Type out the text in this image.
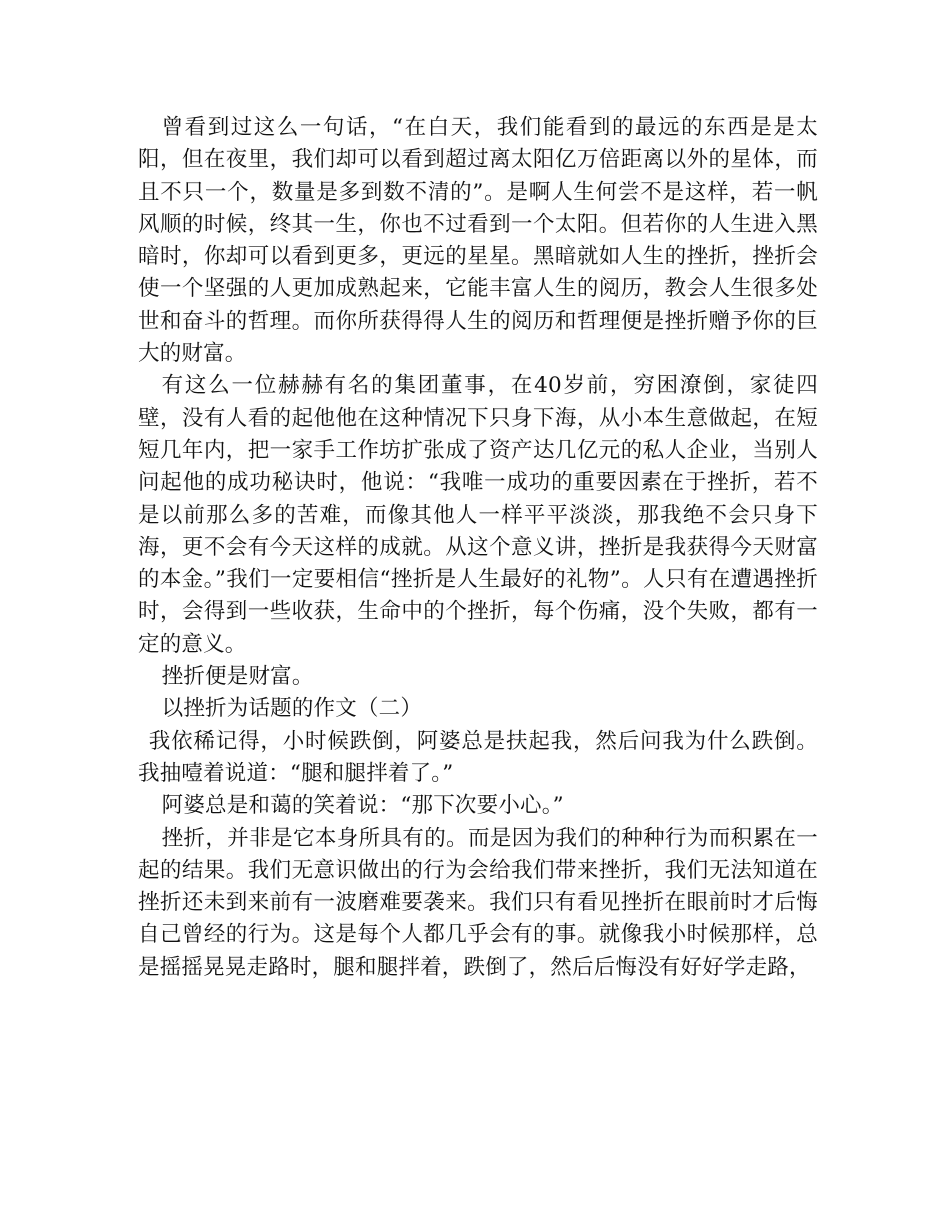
曾看到过这么一句话，“在白天，我们能看到的最远的东西是是太阳，但在夜里，我们却可以看到超过离太阳亿万倍距离以外的星体，而且不只一个，数量是多到数不清的”。是啊人生何尝不是这样，若一帆风顺的时候，终其一生，你也不过看到一个太阳。但若你的人生进入黑暗时，你却可以看到更多，更远的星星。黑暗就如人生的挫折，挫折会使一个坚强的人更加成熟起来，它能丰富人生的阅历，教会人生很多处世和奋斗的哲理。而你所获得得人生的阅历和哲理便是挫折赠予你的巨大的财富。

有这么一位赫赫有名的集团董事，在40岁前，穷困潦倒，家徒四壁，没有人看的起他他在这种情况下只身下海，从小本生意做起，在短短几年内，把一家手工作坊扩张成了资产达几亿元的私人企业，当别人问起他的成功秘诀时，他说：“我唯一成功的重要因素在于挫折，若不是以前那么多的苦难，而像其他人一样平平淡淡，那我绝不会只身下海，更不会有今天这样的成就。从这个意义讲，挫折是我获得今天财富的本金。”我们一定要相信“挫折是人生最好的礼物”。人只有在遭遇挫折时，会得到一些收获，生命中的个挫折，每个伤痛，没个失败，都有一定的意义。

挫折便是财富。

以挫折为话题的作文（二）

我依稀记得，小时候跌倒，阿婆总是扶起我，然后问我为什么跌倒。我抽噎着说道：“腿和腿拌着了。”

阿婆总是和蔼的笑着说：“那下次要小心。”

挫折，并非是它本身所具有的。而是因为我们的种种行为而积累在一起的结果。我们无意识做出的行为会给我们带来挫折，我们无法知道在挫折还未到来前有一波磨难要袭来。我们只有看见挫折在眼前时才后悔自己曾经的行为。这是每个人都几乎会有的事。就像我小时候那样，总是摇摇晃晃走路时，腿和腿拌着，跌倒了，然后后悔没有好好学走路，
